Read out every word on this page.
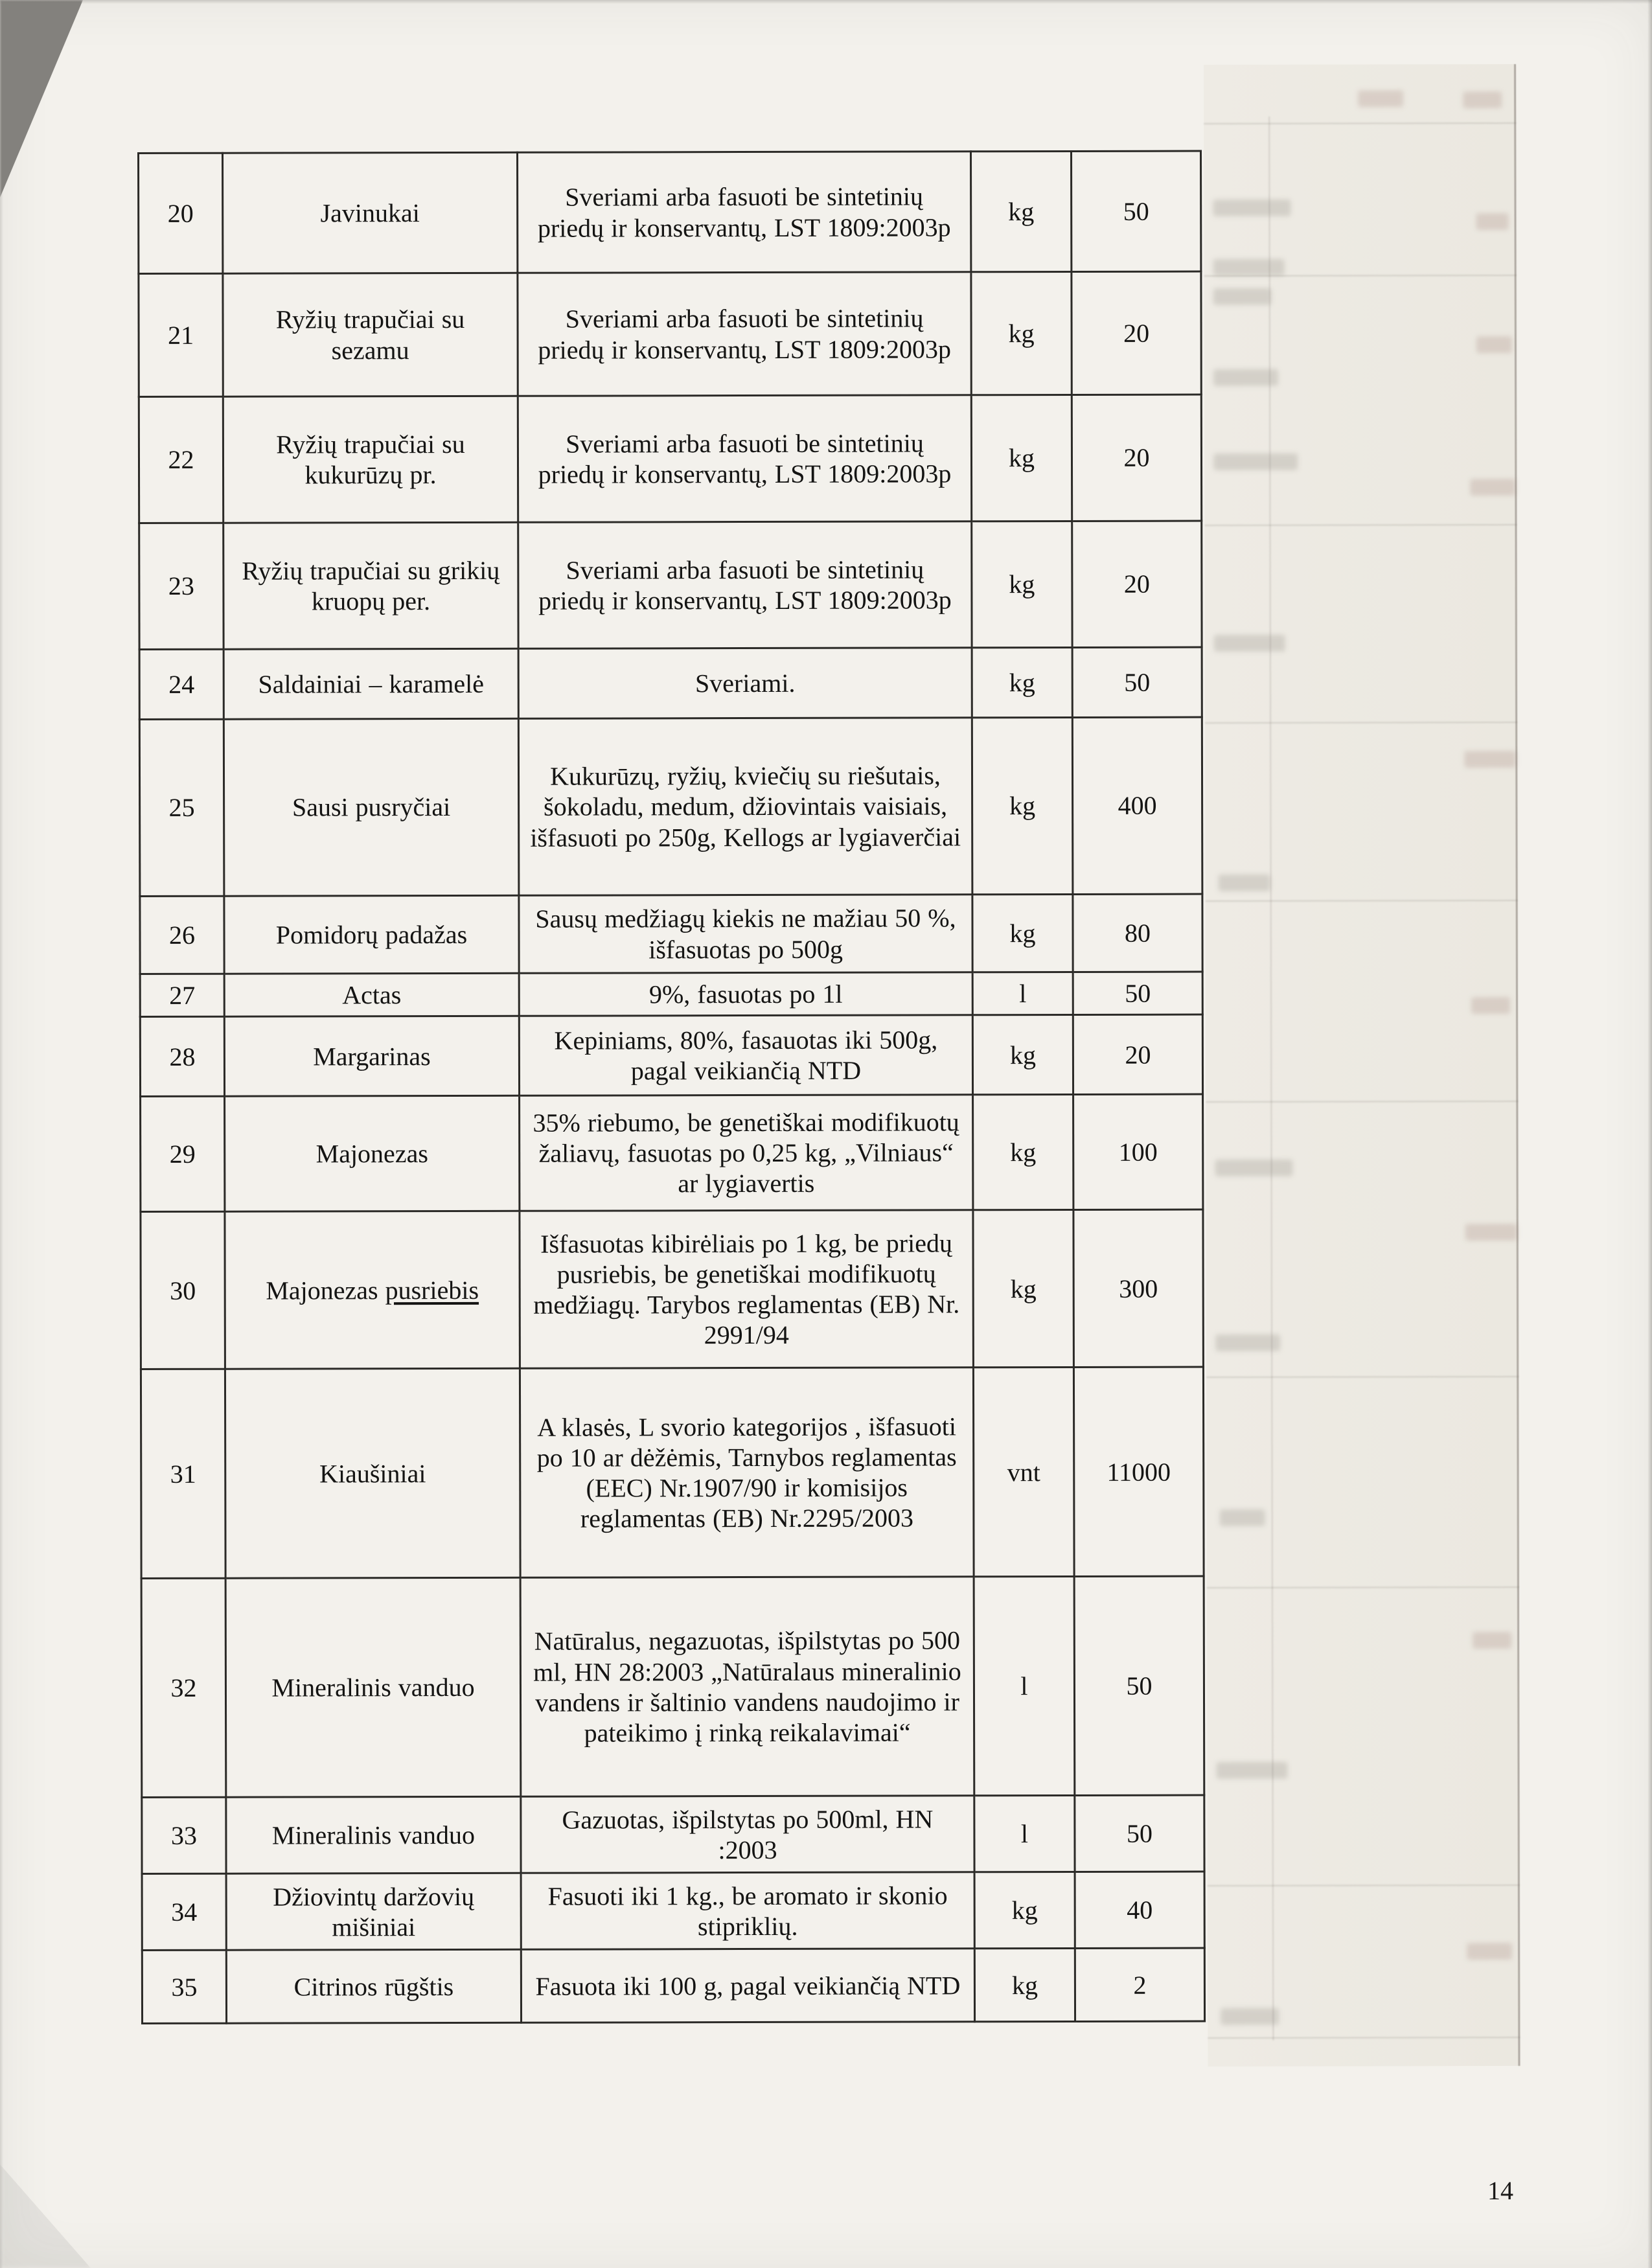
20	Javinukai	Sveriami arba fasuoti be sintetinių priedų ir konservantų, LST 1809:2003p	kg	50
21	Ryžių trapučiai su sezamu	Sveriami arba fasuoti be sintetinių priedų ir konservantų, LST 1809:2003p	kg	20
22	Ryžių trapučiai su kukurūzų pr.	Sveriami arba fasuoti be sintetinių priedų ir konservantų, LST 1809:2003p	kg	20
23	Ryžių trapučiai su grikių kruopų per.	Sveriami arba fasuoti be sintetinių priedų ir konservantų, LST 1809:2003p	kg	20
24	Saldainiai – karamelė	Sveriami.	kg	50
25	Sausi pusryčiai	Kukurūzų, ryžių, kviečių su riešutais, šokoladu, medum, džiovintais vaisiais, išfasuoti po 250g, Kellogs ar lygiaverčiai	kg	400
26	Pomidorų padažas	Sausų medžiagų kiekis ne mažiau 50 %, išfasuotas po 500g	kg	80
27	Actas	9%, fasuotas po 1l	l	50
28	Margarinas	Kepiniams, 80%, fasauotas iki 500g, pagal veikiančią NTD	kg	20
29	Majonezas	35% riebumo, be genetiškai modifikuotų žaliavų, fasuotas po 0,25 kg, „Vilniaus“ ar lygiavertis	kg	100
30	Majonezas pusriebis	Išfasuotas kibirėliais po 1 kg, be priedų pusriebis, be genetiškai modifikuotų medžiagų. Tarybos reglamentas (EB) Nr. 2991/94	kg	300
31	Kiaušiniai	A klasės, L svorio kategorijos , išfasuoti po 10 ar dėžėmis, Tarnybos reglamentas (EEC) Nr.1907/90 ir komisijos reglamentas (EB) Nr.2295/2003	vnt	11000
32	Mineralinis vanduo	Natūralus, negazuotas, išpilstytas po 500 ml, HN 28:2003 „Natūralaus mineralinio vandens ir šaltinio vandens naudojimo ir pateikimo į rinką reikalavimai“	l	50
33	Mineralinis vanduo	Gazuotas, išpilstytas po 500ml, HN :2003	l	50
34	Džiovintų daržovių mišiniai	Fasuoti iki 1 kg., be aromato ir skonio stipriklių.	kg	40
35	Citrinos rūgštis	Fasuota iki 100 g, pagal veikiančią NTD	kg	2
14
